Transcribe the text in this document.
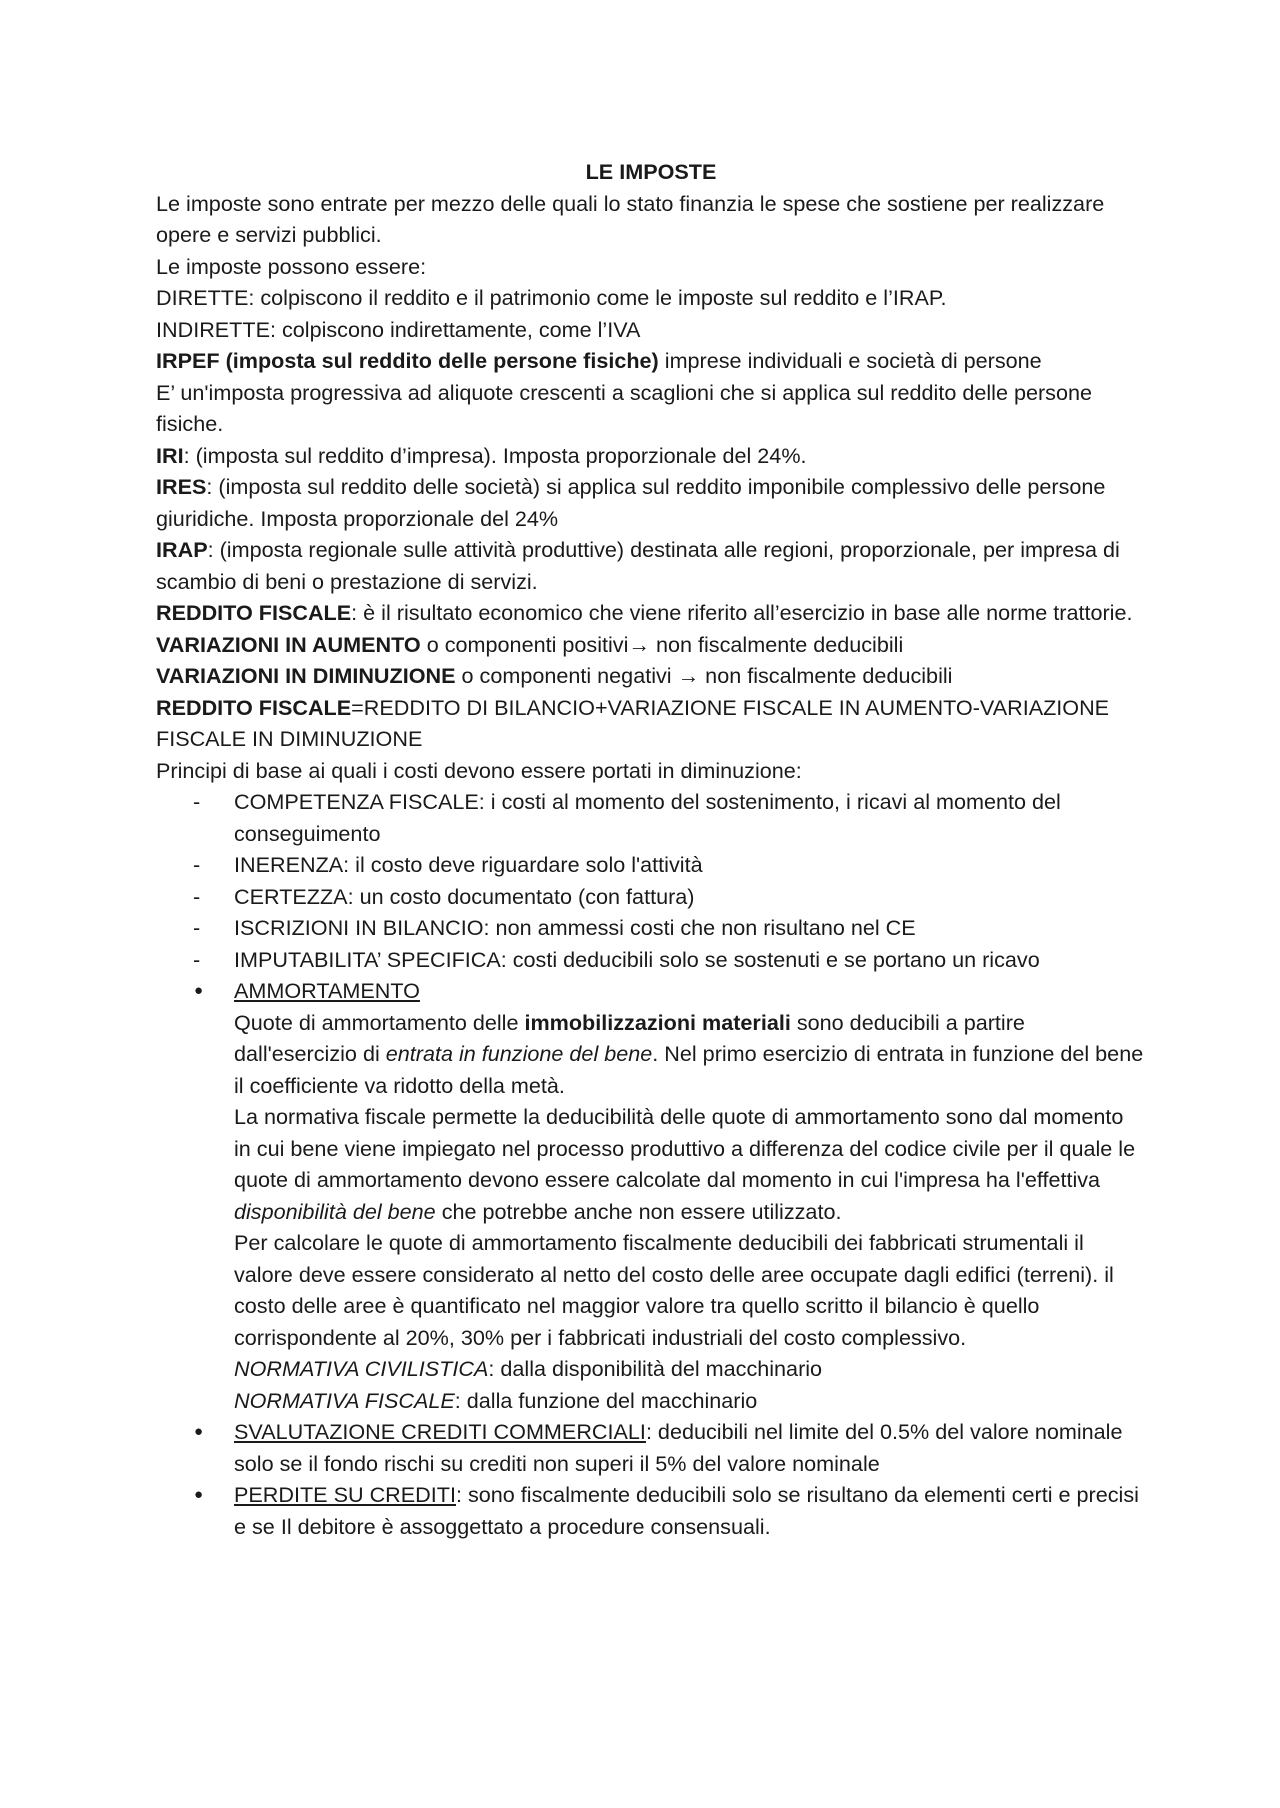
LE IMPOSTE

Le imposte sono entrate per mezzo delle quali lo stato finanzia le spese che sostiene per realizzare opere e servizi pubblici.

Le imposte possono essere:

DIRETTE: colpiscono il reddito e il patrimonio come le imposte sul reddito e l’IRAP.

INDIRETTE: colpiscono indirettamente, come l’IVA

IRPEF (imposta sul reddito delle persone fisiche) imprese individuali e società di persone

E’ un'imposta progressiva ad aliquote crescenti a scaglioni che si applica sul reddito delle persone fisiche.

IRI: (imposta sul reddito d’impresa). Imposta proporzionale del 24%.

IRES: (imposta sul reddito delle società) si applica sul reddito imponibile complessivo delle persone giuridiche. Imposta proporzionale del 24%

IRAP: (imposta regionale sulle attività produttive) destinata alle regioni, proporzionale, per impresa di scambio di beni o prestazione di servizi.

REDDITO FISCALE: è il risultato economico che viene riferito all’esercizio in base alle norme trattorie.

VARIAZIONI IN AUMENTO o componenti positivi→ non fiscalmente deducibili

VARIAZIONI IN DIMINUZIONE o componenti negativi → non fiscalmente deducibili

REDDITO FISCALE=REDDITO DI BILANCIO+VARIAZIONE FISCALE IN AUMENTO-VARIAZIONE FISCALE IN DIMINUZIONE

Principi di base ai quali i costi devono essere portati in diminuzione:

- COMPETENZA FISCALE: i costi al momento del sostenimento, i ricavi al momento del conseguimento
- INERENZA: il costo deve riguardare solo l'attività
- CERTEZZA: un costo documentato (con fattura)
- ISCRIZIONI IN BILANCIO: non ammessi costi che non risultano nel CE
- IMPUTABILITA’ SPECIFICA: costi deducibili solo se sostenuti e se portano un ricavo
● AMMORTAMENTO

Quote di ammortamento delle immobilizzazioni materiali sono deducibili a partire dall'esercizio di entrata in funzione del bene. Nel primo esercizio di entrata in funzione del bene il coefficiente va ridotto della metà.

La normativa fiscale permette la deducibilità delle quote di ammortamento sono dal momento in cui bene viene impiegato nel processo produttivo a differenza del codice civile per il quale le quote di ammortamento devono essere calcolate dal momento in cui l'impresa ha l'effettiva disponibilità del bene che potrebbe anche non essere utilizzato.

Per calcolare le quote di ammortamento fiscalmente deducibili dei fabbricati strumentali il valore deve essere considerato al netto del costo delle aree occupate dagli edifici (terreni). il costo delle aree è quantificato nel maggior valore tra quello scritto il bilancio è quello corrispondente al 20%, 30% per i fabbricati industriali del costo complessivo.

NORMATIVA CIVILISTICA: dalla disponibilità del macchinario

NORMATIVA FISCALE: dalla funzione del macchinario

● SVALUTAZIONE CREDITI COMMERCIALI: deducibili nel limite del 0.5% del valore nominale solo se il fondo rischi su crediti non superi il 5% del valore nominale
● PERDITE SU CREDITI: sono fiscalmente deducibili solo se risultano da elementi certi e precisi e se Il debitore è assoggettato a procedure consensuali.
